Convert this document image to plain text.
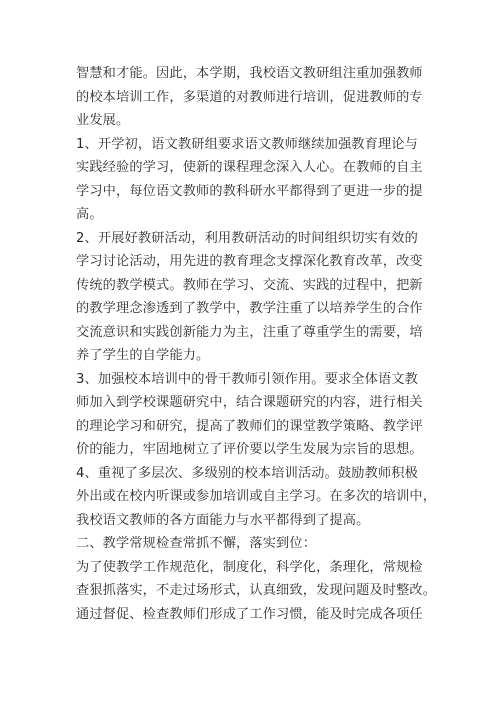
智慧和才能。因此，本学期，我校语文教研组注重加强教师
的校本培训工作，多渠道的对教师进行培训，促进教师的专
业发展。
1、开学初，语文教研组要求语文教师继续加强教育理论与
实践经验的学习，使新的课程理念深入人心。在教师的自主
学习中，每位语文教师的教科研水平都得到了更进一步的提
高。
2、开展好教研活动，利用教研活动的时间组织切实有效的
学习讨论活动，用先进的教育理念支撑深化教育改革，改变
传统的教学模式。教师在学习、交流、实践的过程中，把新
的教学理念渗透到了教学中，教学注重了以培养学生的合作
交流意识和实践创新能力为主，注重了尊重学生的需要，培
养了学生的自学能力。
3、加强校本培训中的骨干教师引领作用。要求全体语文教
师加入到学校课题研究中，结合课题研究的内容，进行相关
的理论学习和研究，提高了教师们的课堂教学策略、教学评
价的能力，牢固地树立了评价要以学生发展为宗旨的思想。
4、重视了多层次、多级别的校本培训活动。鼓励教师积极
外出或在校内听课或参加培训或自主学习。在多次的培训中，
我校语文教师的各方面能力与水平都得到了提高。
二、教学常规检查常抓不懈，落实到位：
为了使教学工作规范化，制度化，科学化，条理化，常规检
查狠抓落实，不走过场形式，认真细致，发现问题及时整改。
通过督促、检查教师们形成了工作习惯，能及时完成各项任
